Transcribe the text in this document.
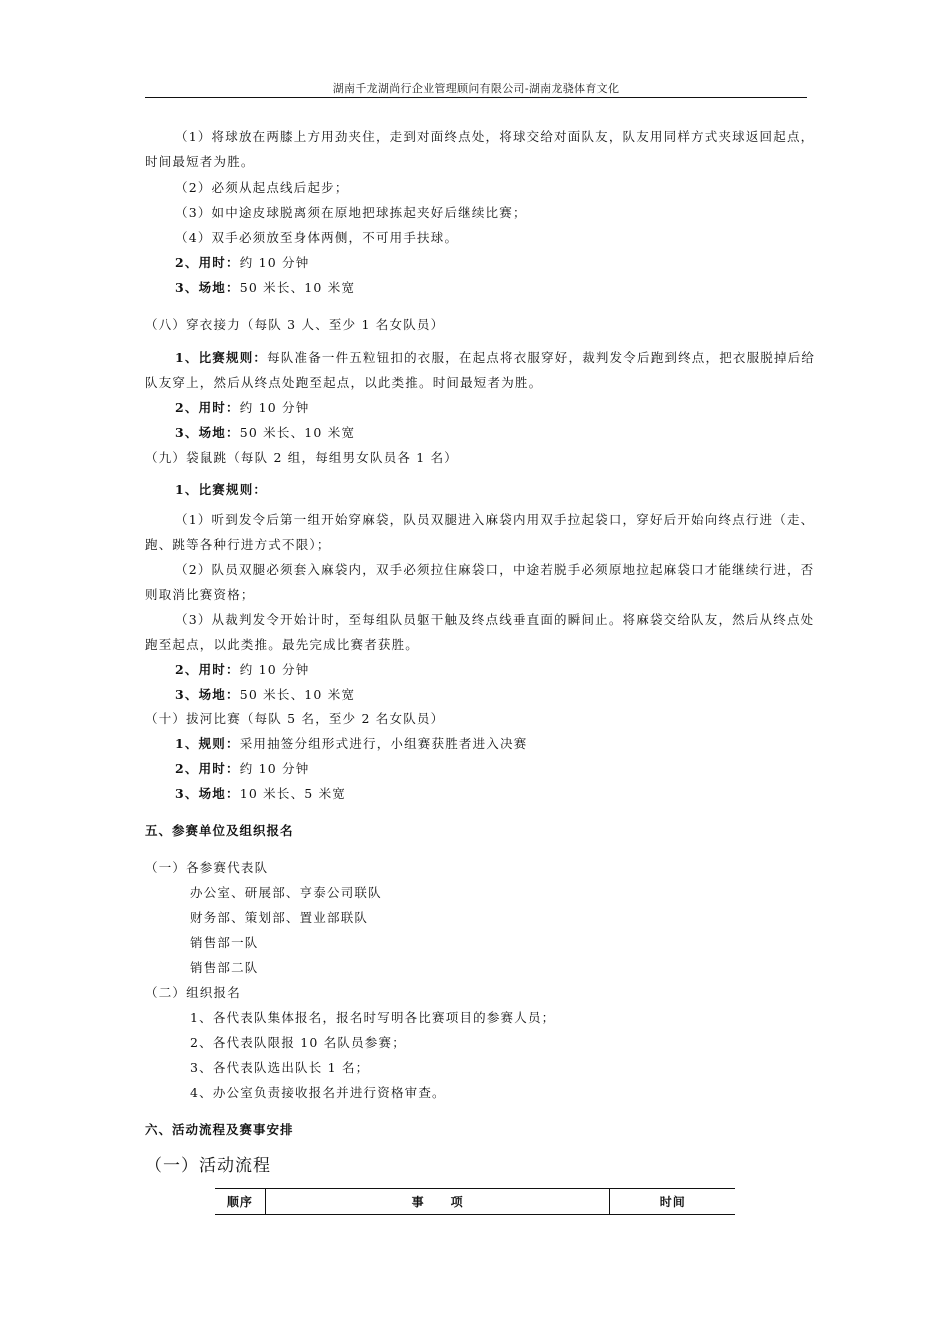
湖南千龙湖尚行企业管理顾问有限公司-湖南龙骁体育文化
（1）将球放在两膝上方用劲夹住，走到对面终点处，将球交给对面队友，队友用同样方式夹球返回起点，
时间最短者为胜。
（2）必须从起点线后起步；
（3）如中途皮球脱离须在原地把球拣起夹好后继续比赛；
（4）双手必须放至身体两侧，不可用手扶球。
2、用时：约 10 分钟
3、场地：50 米长、10 米宽
（八）穿衣接力（每队 3 人、至少 1 名女队员）
1、比赛规则：每队准备一件五粒钮扣的衣服，在起点将衣服穿好，裁判发令后跑到终点，把衣服脱掉后给
队友穿上，然后从终点处跑至起点，以此类推。时间最短者为胜。
2、用时：约 10 分钟
3、场地：50 米长、10 米宽
（九）袋鼠跳（每队 2 组，每组男女队员各 1 名）
1、比赛规则：
（1）听到发令后第一组开始穿麻袋，队员双腿进入麻袋内用双手拉起袋口，穿好后开始向终点行进（走、
跑、跳等各种行进方式不限）；
（2）队员双腿必须套入麻袋内，双手必须拉住麻袋口，中途若脱手必须原地拉起麻袋口才能继续行进，否
则取消比赛资格；
（3）从裁判发令开始计时，至每组队员躯干触及终点线垂直面的瞬间止。将麻袋交给队友，然后从终点处
跑至起点，以此类推。最先完成比赛者获胜。
2、用时：约 10 分钟
3、场地：50 米长、10 米宽
（十）拔河比赛（每队 5 名，至少 2 名女队员）
1、规则：采用抽签分组形式进行，小组赛获胜者进入决赛
2、用时：约 10 分钟
3、场地：10 米长、5 米宽
五、参赛单位及组织报名
（一）各参赛代表队
办公室、研展部、亨泰公司联队
财务部、策划部、置业部联队
销售部一队
销售部二队
（二）组织报名
1、各代表队集体报名，报名时写明各比赛项目的参赛人员；
2、各代表队限报 10 名队员参赛；
3、各代表队选出队长 1 名；
4、办公室负责接收报名并进行资格审查。
六、活动流程及赛事安排
（一）活动流程
顺序	事　　项	时间
